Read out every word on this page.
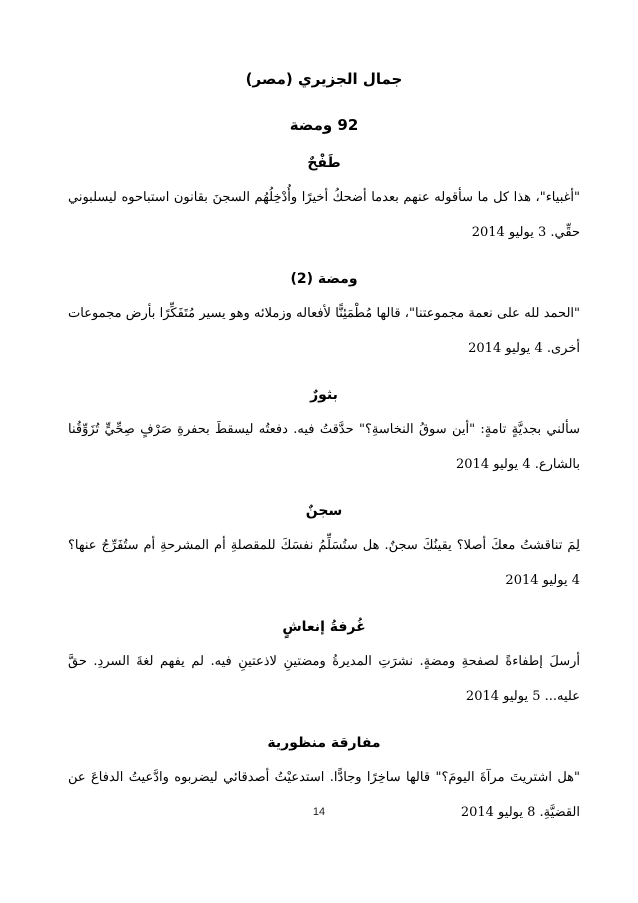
جمال الجزيري (مصر)
92 ومضة
طَفْحٌ
"أغبياء"، هذا كل ما سأقوله عنهم بعدما أضحكُ أخيرًا وأُدْخِلُهُم السجنَ بقانون استباحوه ليسلبوني حقِّي. 3 يوليو 2014
ومضة (2)
"الحمد لله على نعمة مجموعتنا"، قالها مُطْمَئِنًّا لأفعاله وزملائه وهو يسير مُتَفَكِّرًا بأرض مجموعات أخرى. 4 يوليو 2014
بثورٌ
سألني بجديَّةٍ تامةٍ: "أين سوقُ النخاسةِ؟" حدَّقتُ فيه. دفعتُه ليسقطَ بحفرةِ صَرْفٍ صِحِّيٍّ تُزَوِّقُنا بالشارع. 4 يوليو 2014
سجنٌ
لِمَ تناقشتُ معكَ أصلا؟ يقينُكَ سجنٌ. هل ستُسَلِّمُ نفسَكَ للمقصلةِ أم المشرحةِ أم ستُفَرِّجُ عنها؟ 4 يوليو 2014
غُرفةُ إنعاشٍ
أرسلَ إطفاءةً لصفحةِ ومضةٍ. نشرَتِ المديرةُ ومضتينِ لاذعتينِ فيه. لم يفهم لغةَ السردِ. حقَّ عليه... 5 يوليو 2014
مفارقة منظورية
"هل اشتريتَ مرآةَ اليومَ؟" قالها ساخِرًا وجادًّا. استدعيْتُ أصدقائي ليضربوه وادَّعيتُ الدفاعَ عن القضيَّةِ. 8 يوليو 2014
14
